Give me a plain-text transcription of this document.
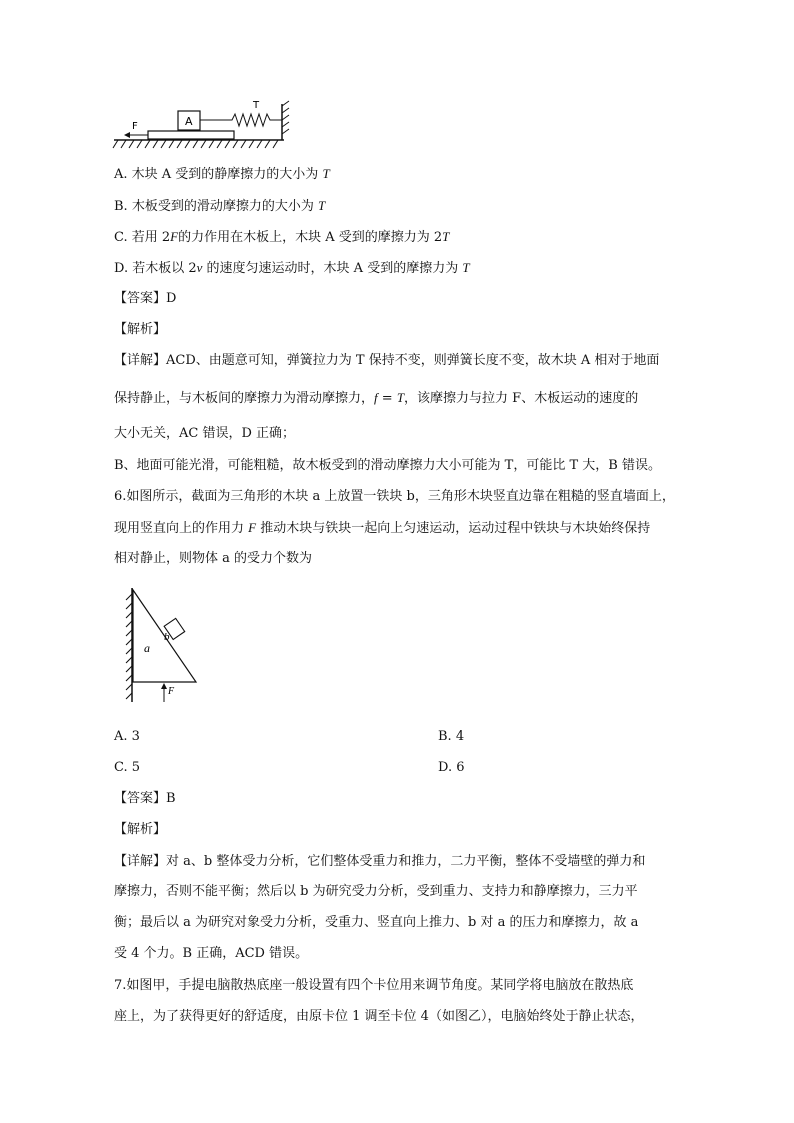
A
T
F
A. 木块 A 受到的静摩擦力的大小为 T
B. 木板受到的滑动摩擦力的大小为 T
C. 若用 2F的力作用在木板上，木块 A 受到的摩擦力为 2T
D. 若木板以 2v 的速度匀速运动时，木块 A 受到的摩擦力为 T
【答案】D
【解析】
【详解】ACD、由题意可知，弹簧拉力为 T 保持不变，则弹簧长度不变，故木块 A 相对于地面
保持静止，与木板间的摩擦力为滑动摩擦力，f = T，该摩擦力与拉力 F、木板运动的速度的
大小无关，AC 错误，D 正确；
B、地面可能光滑，可能粗糙，故木板受到的滑动摩擦力大小可能为 T，可能比 T 大，B 错误。
6.如图所示，截面为三角形的木块 a 上放置一铁块 b，三角形木块竖直边靠在粗糙的竖直墙面上，
现用竖直向上的作用力 F 推动木块与铁块一起向上匀速运动，运动过程中铁块与木块始终保持
相对静止，则物体 a 的受力个数为
a
b
F
A. 3	B. 4
C. 5	D. 6
【答案】B
【解析】
【详解】对 a、b 整体受力分析，它们整体受重力和推力，二力平衡，整体不受墙壁的弹力和
摩擦力，否则不能平衡；然后以 b 为研究受力分析，受到重力、支持力和静摩擦力，三力平
衡；最后以 a 为研究对象受力分析，受重力、竖直向上推力、b 对 a 的压力和摩擦力，故 a
受 4 个力。B 正确，ACD 错误。
7.如图甲，手提电脑散热底座一般设置有四个卡位用来调节角度。某同学将电脑放在散热底
座上，为了获得更好的舒适度，由原卡位 1 调至卡位 4（如图乙），电脑始终处于静止状态，
